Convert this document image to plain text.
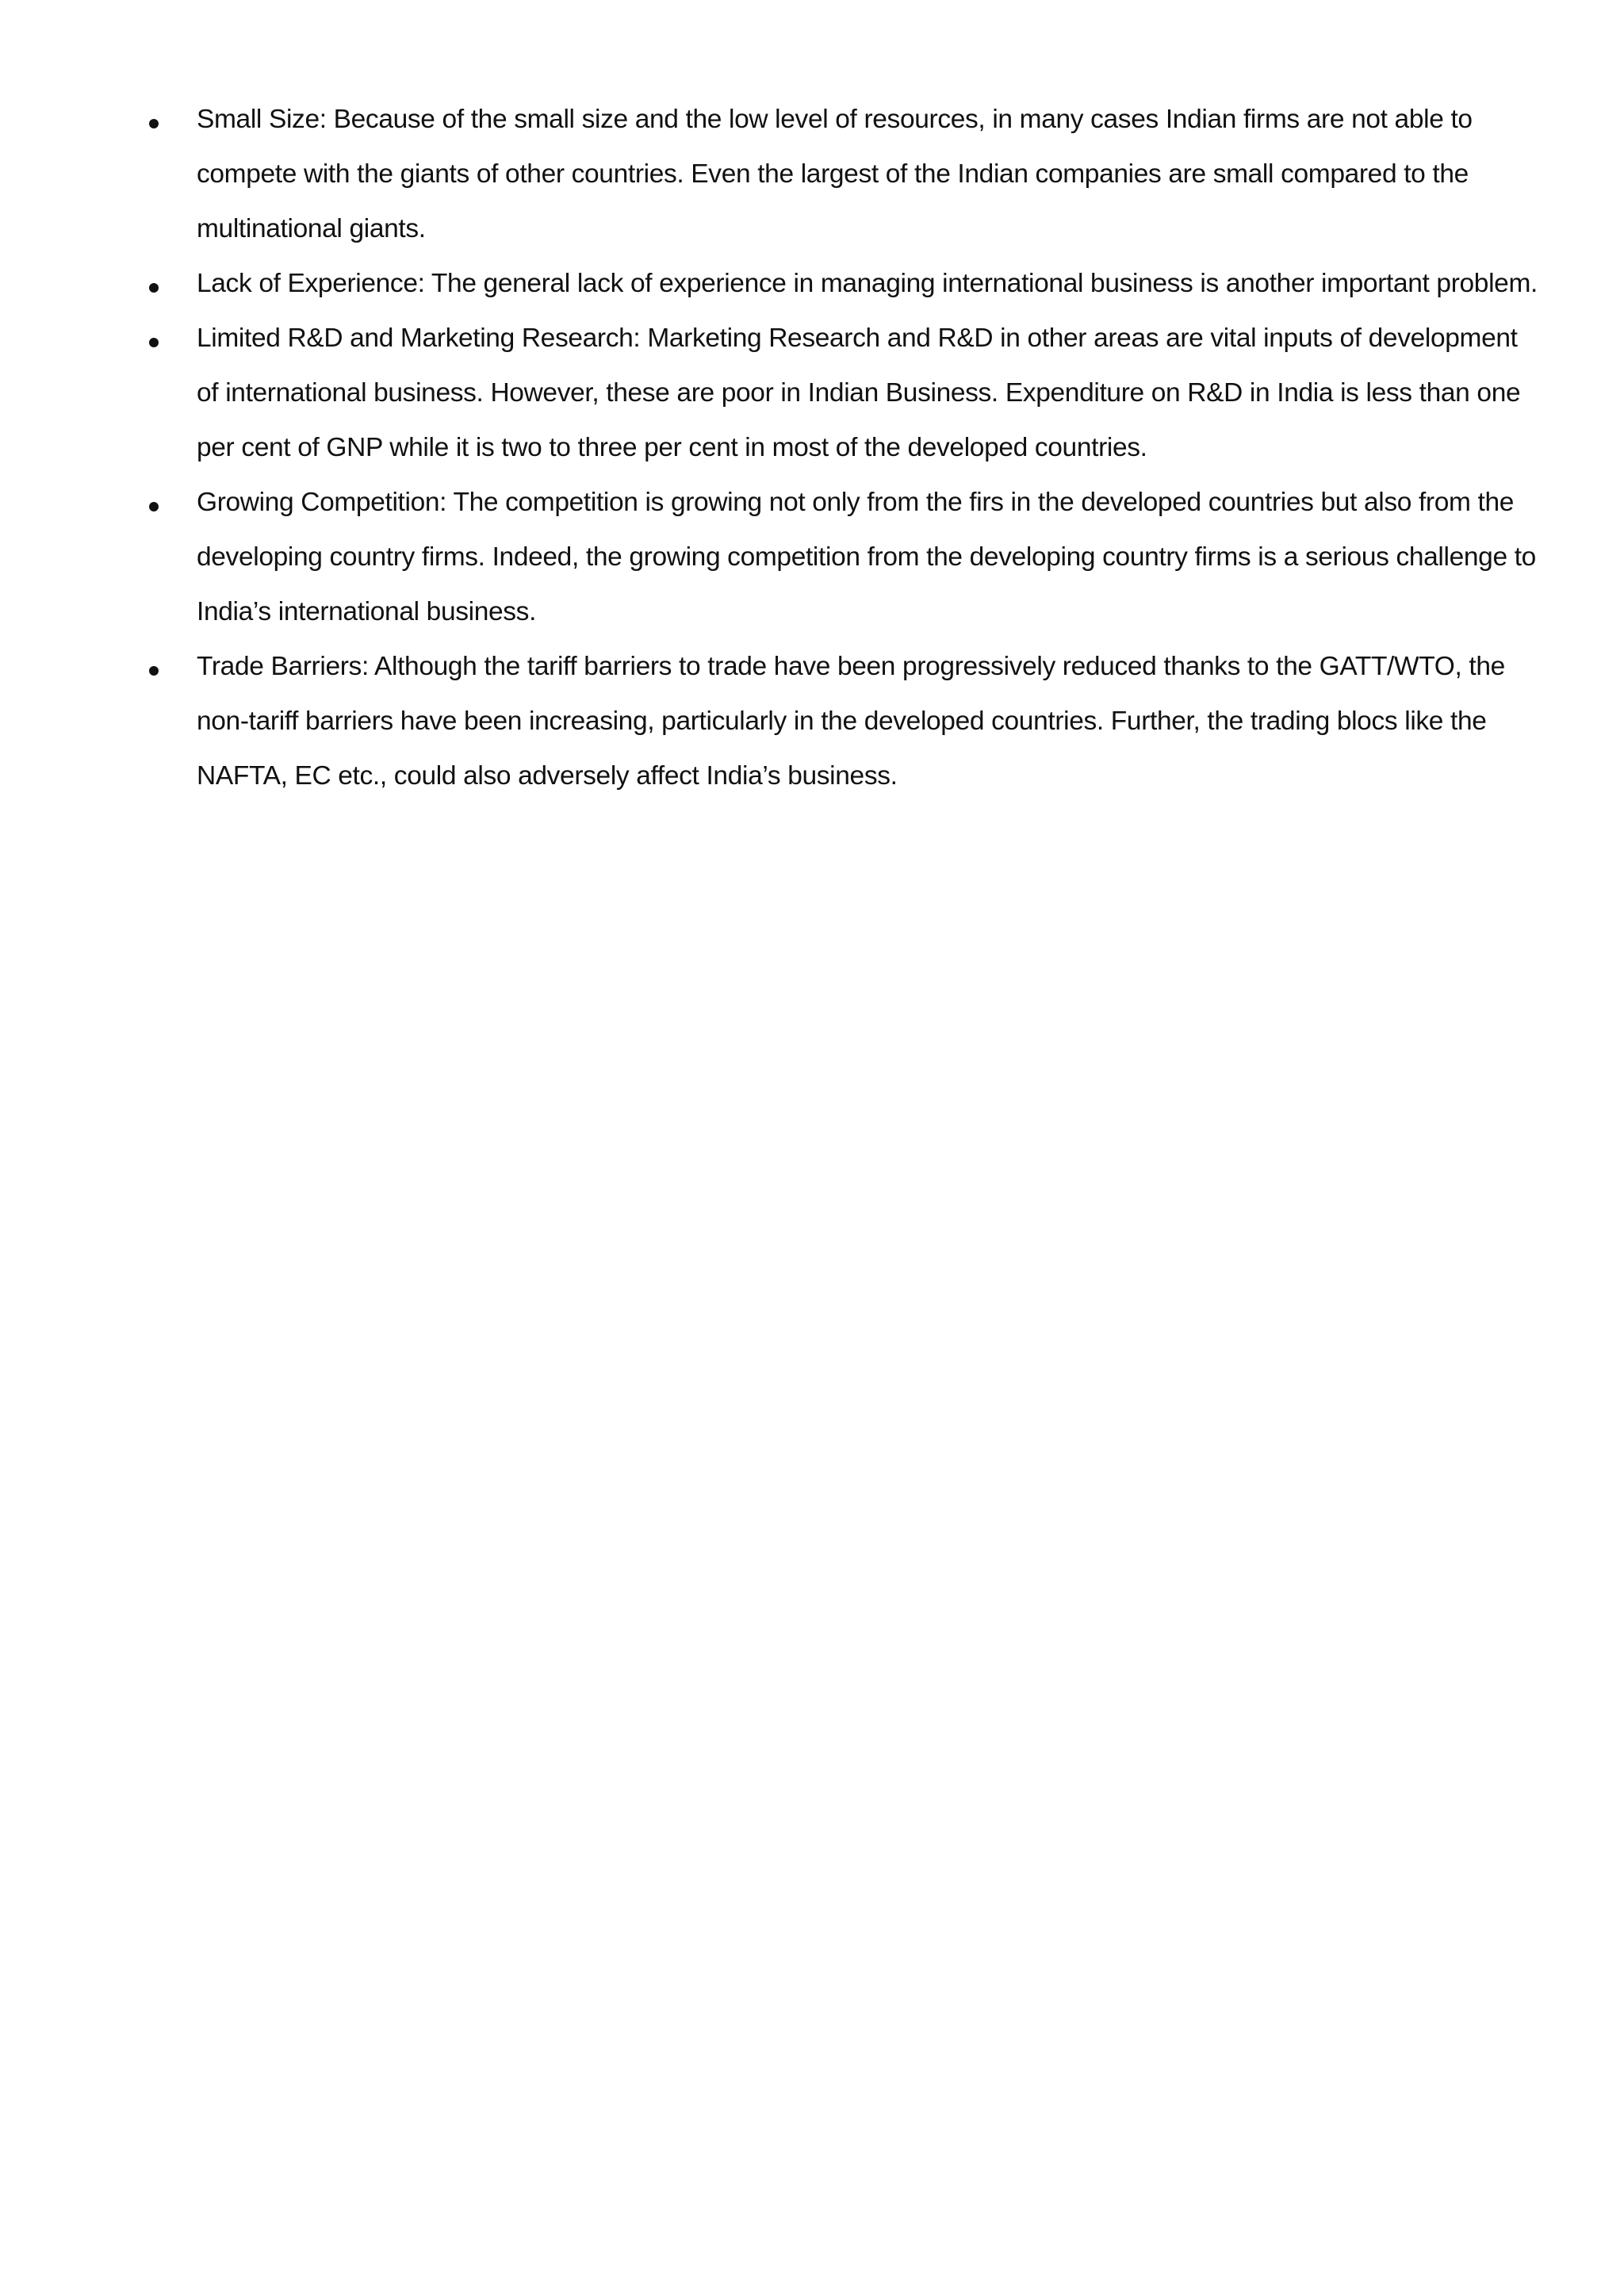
Small Size: Because of the small size and the low level of resources, in many cases Indian firms are not able to compete with the giants of other countries. Even the largest of the Indian companies are small compared to the multinational giants.
Lack of Experience: The general lack of experience in managing international business is another important problem.
Limited R&D and Marketing Research: Marketing Research and R&D in other areas are vital inputs of development of international business. However, these are poor in Indian Business. Expenditure on R&D in India is less than one per cent of GNP while it is two to three per cent in most of the developed countries.
Growing Competition: The competition is growing not only from the firs in the developed countries but also from the developing country firms. Indeed, the growing competition from the developing country firms is a serious challenge to India’s international business.
Trade Barriers: Although the tariff barriers to trade have been progressively reduced thanks to the GATT/WTO, the non-tariff barriers have been increasing, particularly in the developed countries. Further, the trading blocs like the NAFTA, EC etc., could also adversely affect India’s business.
